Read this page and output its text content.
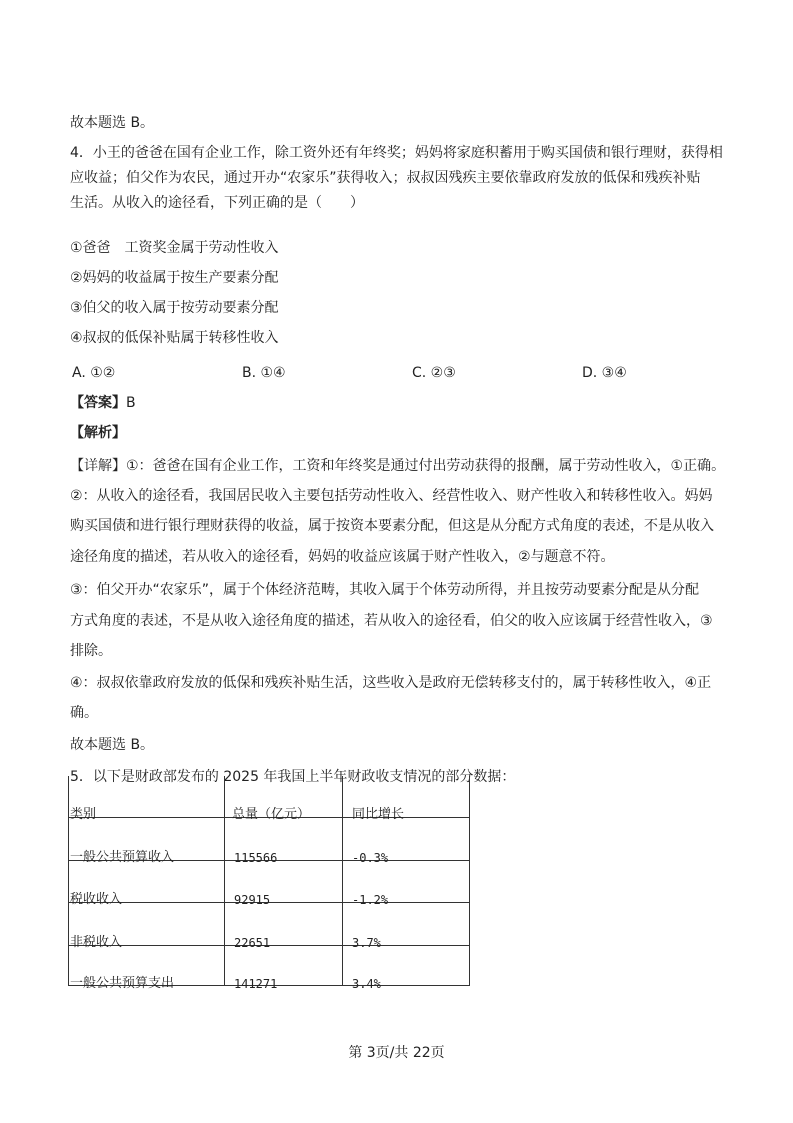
故本题选 B。
4．小王的爸爸在国有企业工作，除工资外还有年终奖；妈妈将家庭积蓄用于购买国债和银行理财，获得相
应收益；伯父作为农民，通过开办“农家乐”获得收入；叔叔因残疾主要依靠政府发放的低保和残疾补贴
生活。从收入的途径看，下列正确的是（　　）
①爸爸　工资奖金属于劳动性收入
②妈妈的收益属于按生产要素分配
③伯父的收入属于按劳动要素分配
④叔叔的低保补贴属于转移性收入
A. ①②	B. ①④	C. ②③	D. ③④
【答案】B
【解析】
【详解】①：爸爸在国有企业工作，工资和年终奖是通过付出劳动获得的报酬，属于劳动性收入，①正确。
②：从收入的途径看，我国居民收入主要包括劳动性收入、经营性收入、财产性收入和转移性收入。妈妈
购买国债和进行银行理财获得的收益，属于按资本要素分配，但这是从分配方式角度的表述，不是从收入
途径角度的描述，若从收入的途径看，妈妈的收益应该属于财产性收入，②与题意不符。
③：伯父开办“农家乐”，属于个体经济范畴，其收入属于个体劳动所得，并且按劳动要素分配是从分配
方式角度的表述，不是从收入途径角度的描述，若从收入的途径看，伯父的收入应该属于经营性收入，③
排除。
④：叔叔依靠政府发放的低保和残疾补贴生活，这些收入是政府无偿转移支付的，属于转移性收入，④正
确。
故本题选 B。
5．以下是财政部发布的 2025 年我国上半年财政收支情况的部分数据：
类别	总量（亿元）	同比增长
一般公共预算收入	115566	-0.3%
税收收入	92915	-1.2%
非税收入	22651	3.7%
一般公共预算支出	141271	3.4%
第 3页/共 22页
